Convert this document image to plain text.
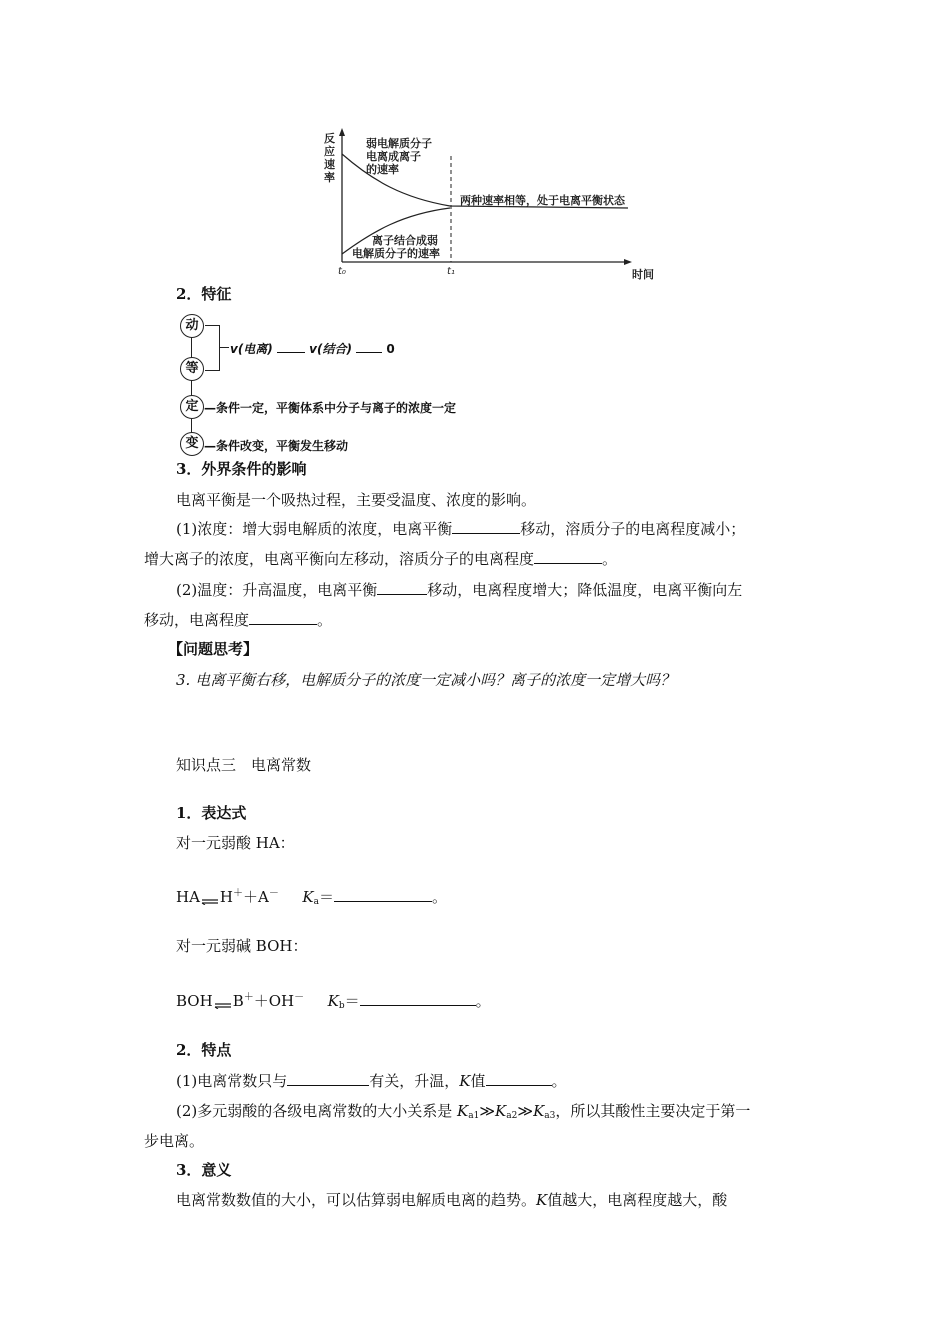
反 应 速 率
弱电解质分子 电离成离子 的速率
两种速率相等，处于电离平衡状态
离子结合成弱 电解质分子的速率
t₀	t₁	时间
2．特征
动
等
定
变
v(电离)	v(结合)	0
—条件一定，平衡体系中分子与离子的浓度一定
—条件改变，平衡发生移动
3．外界条件的影响
电离平衡是一个吸热过程，主要受温度、浓度的影响。
(1)浓度：增大弱电解质的浓度，电离平衡	移动，溶质分子的电离程度减小；
增大离子的浓度，电离平衡向左移动，溶质分子的电离程度	。
(2)温度：升高温度，电离平衡	移动，电离程度增大；降低温度，电离平衡向左
移动，电离程度	。
【问题思考】
3. 电离平衡右移，电解质分子的浓度一定减小吗？离子的浓度一定增大吗？
知识点三　电离常数
1．表达式
对一元弱酸 HA：
HA H＋＋A－ $K_a=$	。
对一元弱碱 BOH：
BOH B＋＋OH－ $K_b=$	。
2．特点
(1)电离常数只与	有关，升温，K值	。
(2)多元弱酸的各级电离常数的大小关系是 $K_{a1}≫K_{a2}≫K_{a3}$，所以其酸性主要决定于第一
步电离。
3．意义
电离常数数值的大小，可以估算弱电解质电离的趋势。K值越大，电离程度越大，酸
